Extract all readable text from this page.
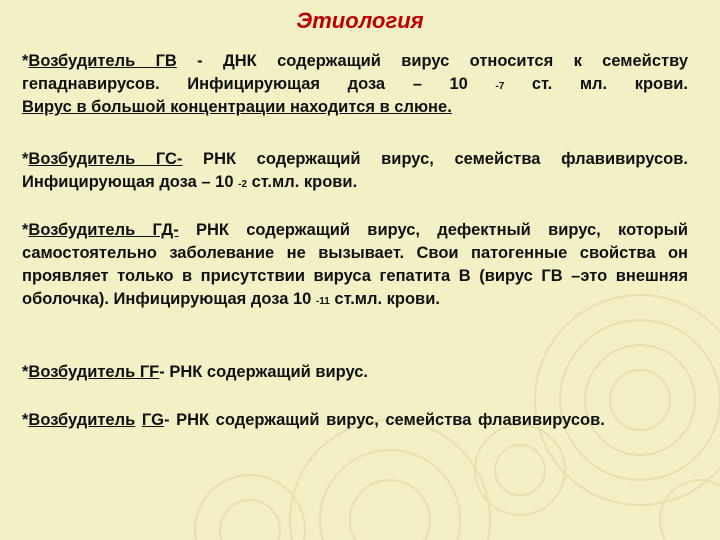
Этиология
*Возбудитель ГВ - ДНК содержащий вирус относится к семейству гепаднавирусов. Инфицирующая доза – 10 -7 ст. мл. крови.
Вирус в большой концентрации находится в слюне.
*Возбудитель ГС- РНК содержащий вирус, семейства флавивирусов. Инфицирующая доза – 10 -2 ст.мл. крови.
*Возбудитель ГД- РНК содержащий вирус, дефектный вирус, который самостоятельно заболевание не вызывает. Свои патогенные свойства он проявляет только в присутствии вируса гепатита В (вирус ГВ –это внешняя оболочка). Инфицирующая доза 10 -11 ст.мл. крови.
*Возбудитель ГF- РНК содержащий вирус.
*Возбудитель ГG- РНК содержащий вирус, семейства флавивирусов.
